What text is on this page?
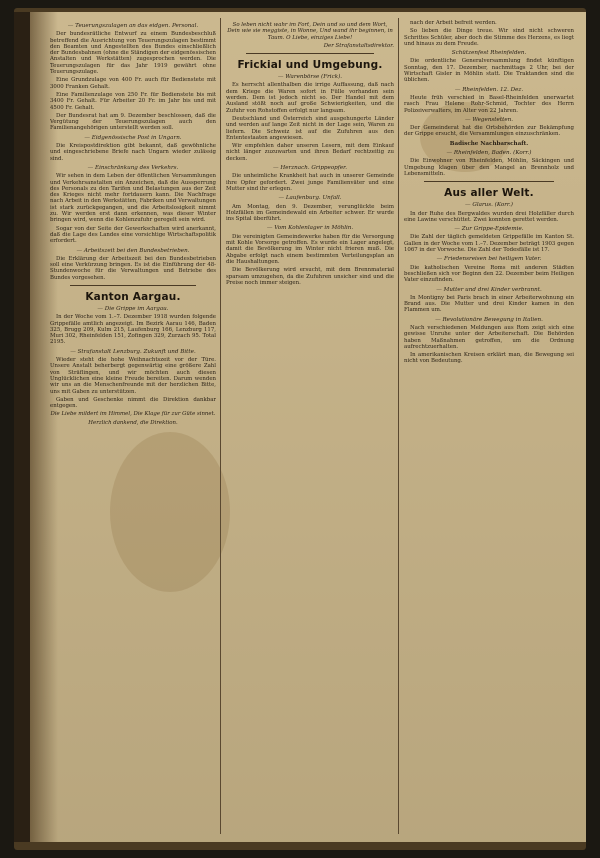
— Teuerungszulagen an das eidgen. Personal.

Der bundesrätliche Entwurf zu einem Bundesbeschluß betreffend die Ausrichtung von Teuerungszulagen bestimmt den Beamten und Angestellten des Bundes einschließlich der Bundesbahnen (ohne die Ständigen der eidgenössischen Anstalten und Werkstätten) zugesprochen werden. Die Teuerungszulagen für das Jahr 1919 gewährt ohne Teuerungszulage.

Eine Grundzulage von 400 Fr. auch für Bedienstete mit 3000 Franken Gehalt.

Eine Familienzulage von 250 Fr. für Bedienstete bis mit 3400 Fr. Gehalt. Für Arbeiter 20 Fr. im Jahr bis und mit 4500 Fr. Gehalt.

Der Bundesrat hat am 9. Dezember beschlossen, daß die Vergütung der Teuerungszulagen auch den Familienangehörigen unterstellt werden soll.

— Eidgenössische Post in Ungarn.

Die Kreispostdirektion gibt bekannt, daß gewöhnliche und eingeschriebene Briefe nach Ungarn wieder zulässig sind.

— Einschränkung des Verkehrs.

Wir sehen in dem Leben der öffentlichen Versammlungen und Verkehrsanstalten ein Anzeichen, daß die Aussperrung des Personals zu den Tarifen und Belastungen aus der Zeit des Krieges nicht mehr fortdauern kann. Die Nachfrage nach Arbeit in den Werkstätten, Fabriken und Verwaltungen ist stark zurückgegangen, und die Arbeitslosigkeit nimmt zu. Wir werden erst dann erkennen, was dieser Winter bringen wird, wenn die Kohlenzufuhr geregelt sein wird.

Sogar von der Seite der Gewerkschaften wird anerkannt, daß die Lage des Landes eine vorsichtige Wirtschaftspolitik erfordert.

— Arbeitszeit bei den Bundesbetrieben.

Die Erklärung der Arbeitszeit bei den Bundesbetrieben soll eine Verkürzung bringen. Es ist die Einführung der 48-Stundenwoche für die Verwaltungen und Betriebe des Bundes vorgesehen.

Kanton Aargau.
— Die Grippe im Aargau.

In der Woche vom 1.–7. Dezember 1918 wurden folgende Grippefälle amtlich angezeigt. Im Bezirk Aarau 146, Baden 325, Brugg 209, Kulm 215, Laufenburg 166, Lenzburg 117, Muri 302, Rheinfelden 151, Zofingen 329, Zurzach 95. Total 2195.

— Strafanstalt Lenzburg. Zukunft und Bitte.

Wieder steht die hohe Weihnachtszeit vor der Türe. Unsere Anstalt beherbergt gegenwärtig eine größere Zahl von Sträflingen, und wir möchten auch diesen Unglücklichen eine kleine Freude bereiten. Darum wenden wir uns an die Menschenfreunde mit der herzlichen Bitte, uns mit Gaben zu unterstützen.

Gaben und Geschenke nimmt die Direktion dankbar entgegen.

Die Liebe mildert im Himmel, Die Klage für zur Güte sinnet.
Herzlich dankend, die Direktion.
So leben nicht wahr im Fort, Dein und so und dem Wort, Dein wie sie meggiste, in Wonne, Und wand ihr beginnen, in Taum. O Liebe, einziges Liebe!
Der Strafanstaltsdirektor.
Frickial und Umgebung.
— Warenbörse (Frick).

Es herrscht allenthalben die irrige Auffassung, daß nach dem Kriege die Waren sofort in Fülle vorhanden sein werden. Dem ist jedoch nicht so. Der Handel mit dem Ausland stößt noch auf große Schwierigkeiten, und die Zufuhr von Rohstoffen erfolgt nur langsam.

Deutschland und Österreich sind ausgehungerte Länder und werden auf lange Zeit nicht in der Lage sein, Waren zu liefern. Die Schweiz ist auf die Zufuhren aus den Ententestaaten angewiesen.

Wir empfehlen daher unseren Lesern, mit dem Einkauf nicht länger zuzuwarten und ihren Bedarf rechtzeitig zu decken.

— Herznach. Grippeopfer.

Die unheimliche Krankheit hat auch in unserer Gemeinde ihre Opfer gefordert. Zwei junge Familienväter und eine Mutter sind ihr erlegen.

— Laufenburg. Unfall.

Am Montag, den 9. Dezember, verunglückte beim Holzfällen im Gemeindewald ein Arbeiter schwer. Er wurde ins Spital überführt.

— Vom Kohlenlager in Möhlin.

Die vereinigten Gemeindewerke haben für die Versorgung mit Kohle Vorsorge getroffen. Es wurde ein Lager angelegt, damit die Bevölkerung im Winter nicht frieren muß. Die Abgabe erfolgt nach einem bestimmten Verteilungsplan an die Haushaltungen.

Die Bevölkerung wird ersucht, mit dem Brennmaterial sparsam umzugehen, da die Zufuhren unsicher sind und die Preise noch immer steigen.

nach der Arbeit befreit werden.

So lieben die Dinge treue. Wir sind nicht schweren Schrittes Schüler, aber doch die Stimme des Herzens, es liegt und hinaus zu dem Freude.

Schützenfest Rheinfelden.

Die ordentliche Generalversammlung findet künftigen Sonntag, den 17. Dezember, nachmittags 2 Uhr, bei der Wirtschaft Gisler in Möhlin statt. Die Traktanden sind die üblichen.

— Rheinfelden. 12. Dez.

Heute früh verschied in Basel-Rheinfelden unerwartet rasch Frau Helene Rohr-Schmid, Tochter des Herrn Polizeiverwalters, im Alter von 22 Jahren.

— Wegenstetten.

Der Gemeinderat hat die Ortsbehörden zur Bekämpfung der Grippe ersucht, die Versammlungen einzuschränken.

Badische Nachbarschaft.
— Rheinfelden, Baden. (Korr.)

Die Einwohner von Rheinfelden, Möhlin, Säckingen und Umgebung klagen über den Mangel an Brennholz und Lebensmitteln.

Aus aller Welt.
— Glarus. (Korr.)

In der Ruhe des Bergwaldes wurden drei Holzfäller durch eine Lawine verschüttet. Zwei konnten gerettet werden.

— Zur Grippe-Epidemie.

Die Zahl der täglich gemeldeten Grippefälle im Kanton St. Gallen in der Woche vom 1.–7. Dezember beträgt 1903 gegen 1067 in der Vorwoche. Die Zahl der Todesfälle ist 17.

— Friedensreisen bei heiligem Vater.

Die katholischen Vereine Roms mit anderen Städten beschließen sich vor Beginn den 22. Dezember beim Heiligen Vater einzufinden.

— Mutter und drei Kinder verbrannt.

In Montigny bei Paris brach in einer Arbeiterwohnung ein Brand aus. Die Mutter und drei Kinder kamen in den Flammen um.

— Revolutionäre Bewegung in Italien.

Nach verschiedenen Meldungen aus Rom zeigt sich eine gewisse Unruhe unter der Arbeiterschaft. Die Behörden haben Maßnahmen getroffen, um die Ordnung aufrechtzuerhalten.

In amerikanischen Kreisen erklärt man, die Bewegung sei nicht von Bedeutung.
